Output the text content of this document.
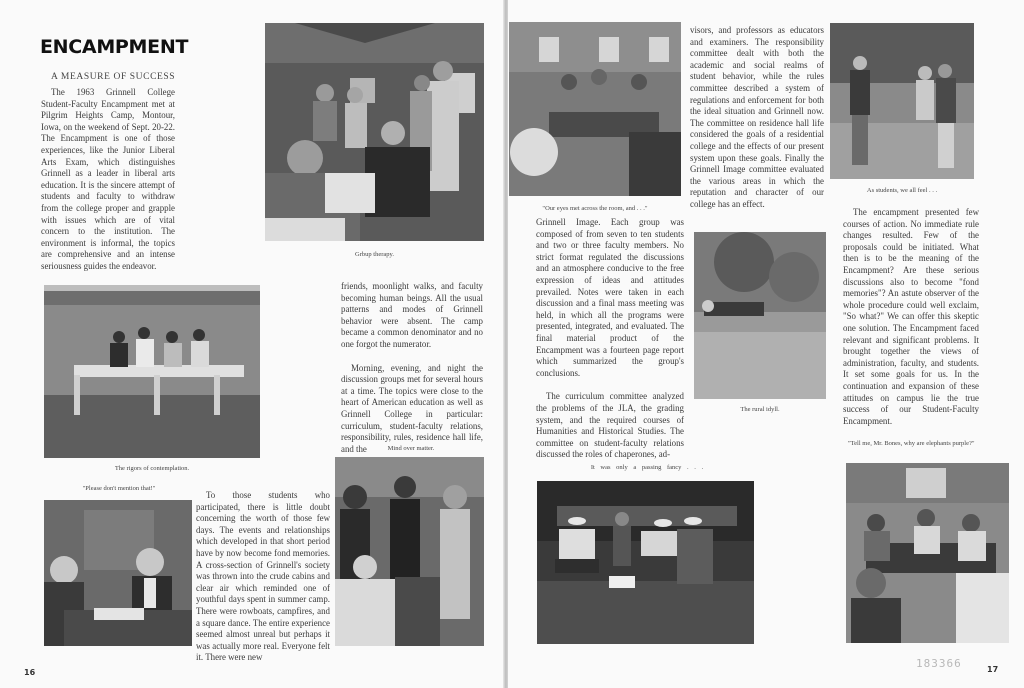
ENCAMPMENT
A MEASURE OF SUCCESS

The 1963 Grinnell College Student-Faculty Encampment met at Pilgrim Heights Camp, Montour, Iowa, on the weekend of Sept. 20-22. The Encampment is one of those experiences, like the Junior Liberal Arts Exam, which distinguishes Grinnell as a leader in liberal arts education. It is the sincere attempt of students and faculty to withdraw from the college proper and grapple with issues which are of vital concern to the institution. The environment is informal, the topics are comprehensive and an intense seriousness guides the endeavor.

Grbup therapy.
The rigors of contemplation.
"Please don't mention that!"

To those students who participated, there is little doubt concerning the worth of those few days. The events and relationships which developed in that short period have by now become fond memories. A cross-section of Grinnell's society was thrown into the crude cabins and clear air which reminded one of youthful days spent in summer camp. There were rowboats, campfires, and a square dance. The entire experience seemed almost unreal but perhaps it was actually more real. Everyone felt it. There were new

friends, moonlight walks, and faculty becoming human beings. All the usual patterns and modes of Grinnell behavior were absent. The camp became a common denominator and no one forgot the numerator.

Morning, evening, and night the discussion groups met for several hours at a time. The topics were close to the heart of American education as well as Grinnell College in particular: curriculum, student-faculty relations, responsibility, rules, residence hall life, and the	Mind over matter.
16
"Our eyes met across the room, and . . ."

Grinnell Image. Each group was composed of from seven to ten students and two or three faculty members. No strict format regulated the discussions and an atmosphere conducive to the free expression of ideas and attitudes prevailed. Notes were taken in each discussion and a final mass meeting was held, in which all the programs were presented, integrated, and evaluated. The final material product of the Encampment was a fourteen page report which summarized the group's conclusions.

The curriculum committee analyzed the problems of the JLA, the grading system, and the required courses of Humanities and Historical Studies. The committee on student-faculty relations discussed the roles of chaperones, ad-

visors, and professors as educators and examiners. The responsibility committee dealt with both the academic and social realms of student behavior, while the rules committee described a system of regulations and enforcement for both the ideal situation and Grinnell now. The committee on residence hall life considered the goals of a residential college and the effects of our present system upon these goals. Finally the Grinnell Image committee evaluated the various areas in which the reputation and character of our college has an effect.

As students, we all feel . . .
The rural idyll.

The encampment presented few courses of action. No immediate rule changes resulted. Few of the proposals could be initiated. What then is to be the meaning of the Encampment? Are these serious discussions also to become "fond memories"? An astute observer of the whole procedure could well exclaim, "So what?" We can offer this skeptic one solution. The Encampment faced relevant and significant problems. It brought together the views of administration, faculty, and students. It set some goals for us. In the continuation and expansion of these attitudes on campus lie the true success of our Student-Faculty Encampment.

"Tell me, Mr. Bones, why are elephants purple?"
It was only a passing fancy . . .
183366	17
